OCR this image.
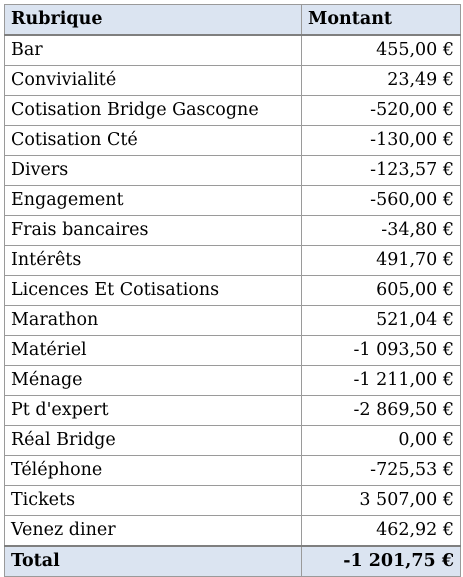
Rubrique	Montant
Bar	455,00 €
Convivialité	23,49 €
Cotisation Bridge Gascogne	-520,00 €
Cotisation Cté	-130,00 €
Divers	-123,57 €
Engagement	-560,00 €
Frais bancaires	-34,80 €
Intérêts	491,70 €
Licences Et Cotisations	605,00 €
Marathon	521,04 €
Matériel	-1 093,50 €
Ménage	-1 211,00 €
Pt d'expert	-2 869,50 €
Réal Bridge	0,00 €
Téléphone	-725,53 €
Tickets	3 507,00 €
Venez diner	462,92 €
Total	-1 201,75 €
